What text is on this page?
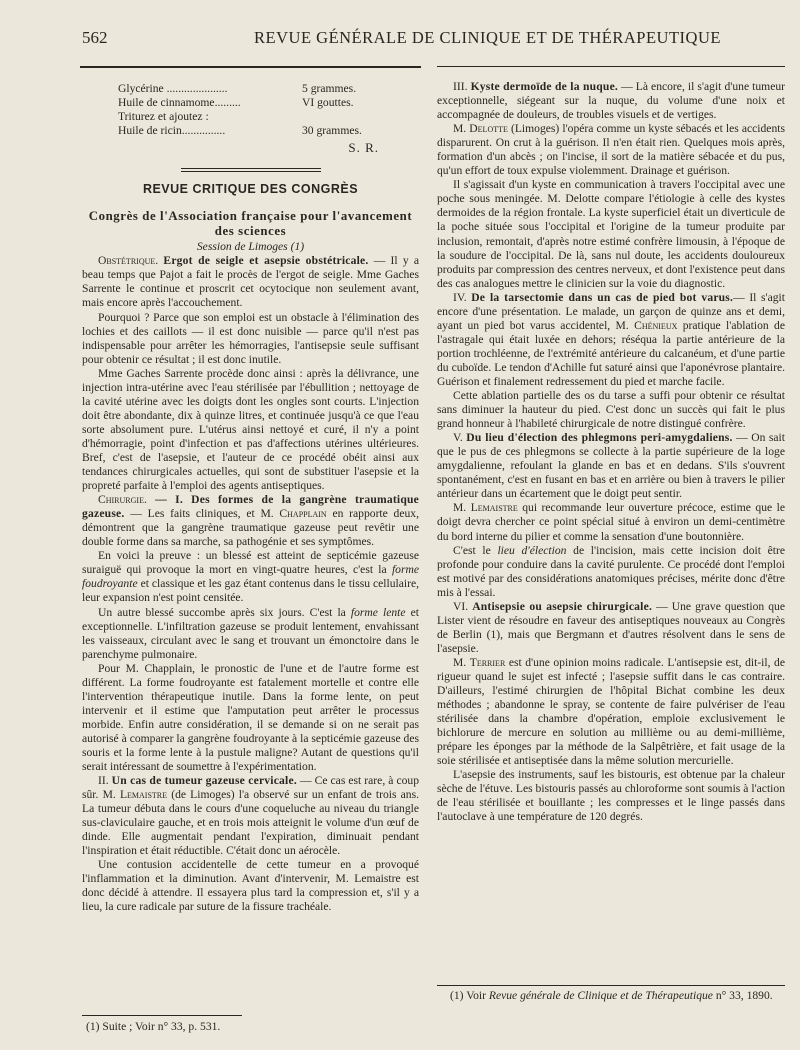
562	REVUE GÉNÉRALE DE CLINIQUE ET DE THÉRAPEUTIQUE
Glycérine .....................	5 grammes.
Huile de cinnamome.........	VI gouttes.
Triturez et ajoutez :
Huile de ricin...............	30 grammes.
S. R.
REVUE CRITIQUE DES CONGRÈS
Congrès de l'Association française pour l'avancement des sciences
Session de Limoges (1)

Obstétrique. Ergot de seigle et asepsie obstétricale. — Il y a beau temps que Pajot a fait le procès de l'ergot de seigle. Mme Gaches Sarrente le continue et proscrit cet ocytocique non seulement avant, mais encore après l'accouchement.

Pourquoi ? Parce que son emploi est un obstacle à l'élimination des lochies et des caillots — il est donc nuisible — parce qu'il n'est pas indispensable pour arrêter les hémorragies, l'antisepsie seule suffisant pour obtenir ce résultat ; il est donc inutile.

Mme Gaches Sarrente procède donc ainsi : après la délivrance, une injection intra-utérine avec l'eau stérilisée par l'ébullition ; nettoyage de la cavité utérine avec les doigts dont les ongles sont courts. L'injection doit être abondante, dix à quinze litres, et continuée jusqu'à ce que l'eau sorte absolument pure. L'utérus ainsi nettoyé et curé, il n'y a point d'hémorragie, point d'infection et pas d'affections utérines ultérieures. Bref, c'est de l'asepsie, et l'auteur de ce procédé obéit ainsi aux tendances chirurgicales actuelles, qui sont de substituer l'asepsie et la propreté parfaite à l'emploi des agents antiseptiques.

Chirurgie. — I. Des formes de la gangrène traumatique gazeuse. — Les faits cliniques, et M. Chapplain en rapporte deux, démontrent que la gangrène traumatique gazeuse peut revêtir une double forme dans sa marche, sa pathogénie et ses symptômes.

En voici la preuve : un blessé est atteint de septicémie gazeuse suraiguë qui provoque la mort en vingt-quatre heures, c'est la forme foudroyante et classique et les gaz étant contenus dans le tissu cellulaire, leur expansion n'est point censitée.

Un autre blessé succombe après six jours. C'est la forme lente et exceptionnelle. L'infiltration gazeuse se produit lentement, envahissant les vaisseaux, circulant avec le sang et trouvant un émonctoire dans le parenchyme pulmonaire.

Pour M. Chapplain, le pronostic de l'une et de l'autre forme est différent. La forme foudroyante est fatalement mortelle et contre elle l'intervention thérapeutique inutile. Dans la forme lente, on peut intervenir et il estime que l'amputation peut arrêter le processus morbide. Enfin autre considération, il se demande si on ne serait pas autorisé à comparer la gangrène foudroyante à la septicémie gazeuse des souris et la forme lente à la pustule maligne? Autant de questions qu'il serait intéressant de soumettre à l'expérimentation.

II. Un cas de tumeur gazeuse cervicale. — Ce cas est rare, à coup sûr. M. Lemaistre (de Limoges) l'a observé sur un enfant de trois ans. La tumeur débuta dans le cours d'une coqueluche au niveau du triangle sus-claviculaire gauche, et en trois mois atteignit le volume d'un œuf de dinde. Elle augmentait pendant l'expiration, diminuait pendant l'inspiration et était réductible. C'était donc un aérocèle.

Une contusion accidentelle de cette tumeur en a provoqué l'inflammation et la diminution. Avant d'intervenir, M. Lemaistre est donc décidé à attendre. Il essayera plus tard la compression et, s'il y a lieu, la cure radicale par suture de la fissure trachéale.

III. Kyste dermoïde de la nuque. — Là encore, il s'agit d'une tumeur exceptionnelle, siégeant sur la nuque, du volume d'une noix et accompagnée de douleurs, de troubles visuels et de vertiges.

M. Delotte (Limoges) l'opéra comme un kyste sébacés et les accidents disparurent. On crut à la guérison. Il n'en était rien. Quelques mois après, formation d'un abcès ; on l'incise, il sort de la matière sébacée et du pus, qu'un effort de toux expulse violemment. Drainage et guérison.

Il s'agissait d'un kyste en communication à travers l'occipital avec une poche sous meningée. M. Delotte compare l'étiologie à celle des kystes dermoides de la région frontale. La kyste superficiel était un diverticule de la poche située sous l'occipital et l'origine de la tumeur produite par inclusion, remontait, d'après notre estimé confrère limousin, à l'époque de la soudure de l'occipital. De là, sans nul doute, les accidents douloureux produits par compression des centres nerveux, et dont l'existence peut dans des cas analogues mettre le clinicien sur la voie du diagnostic.

IV. De la tarsectomie dans un cas de pied bot varus.— Il s'agit encore d'une présentation. Le malade, un garçon de quinze ans et demi, ayant un pied bot varus accidentel, M. Chénieux pratique l'ablation de l'astragale qui était luxée en dehors; réséqua la partie antérieure de la portion trochléenne, de l'extrémité antérieure du calcanéum, et d'une partie du cuboïde. Le tendon d'Achille fut saturé ainsi que l'aponévrose plantaire. Guérison et finalement redressement du pied et marche facile.

Cette ablation partielle des os du tarse a suffi pour obtenir ce résultat sans diminuer la hauteur du pied. C'est donc un succès qui fait le plus grand honneur à l'habileté chirurgicale de notre distingué confrère.

V. Du lieu d'élection des phlegmons peri-amygdaliens. — On sait que le pus de ces phlegmons se collecte à la partie supérieure de la loge amygdalienne, refoulant la glande en bas et en dedans. S'ils s'ouvrent spontanément, c'est en fusant en bas et en arrière ou bien à travers le pilier antérieur dans un écartement que le doigt peut sentir.

M. Lemaistre qui recommande leur ouverture précoce, estime que le doigt devra chercher ce point spécial situé à environ un demi-centimètre du bord interne du pilier et comme la sensation d'une boutonnière.

C'est le lieu d'élection de l'incision, mais cette incision doit être profonde pour conduire dans la cavité purulente. Ce procédé dont l'emploi est motivé par des considérations anatomiques précises, mérite donc d'être mis à l'essai.

VI. Antisepsie ou asepsie chirurgicale. — Une grave question que Lister vient de résoudre en faveur des antiseptiques nouveaux au Congrès de Berlin (1), mais que Bergmann et d'autres résolvent dans le sens de l'asepsie.

M. Terrier est d'une opinion moins radicale. L'antisepsie est, dit-il, de rigueur quand le sujet est infecté ; l'asepsie suffit dans le cas contraire. D'ailleurs, l'estimé chirurgien de l'hôpital Bichat combine les deux méthodes ; abandonne le spray, se contente de faire pulvériser de l'eau stérilisée dans la chambre d'opération, emploie exclusivement le bichlorure de mercure en solution au millième ou au demi-millième, prépare les éponges par la méthode de la Salpêtrière, et fait usage de la soie stérilisée et antiseptisée dans la même solution mercurielle.

L'asepsie des instruments, sauf les bistouris, est obtenue par la chaleur sèche de l'étuve. Les bistouris passés au chloroforme sont soumis à l'action de l'eau stérilisée et bouillante ; les compresses et le linge passés dans l'autoclave à une température de 120 degrés.

(1) Suite ; Voir n° 33, p. 531.
(1) Voir Revue générale de Clinique et de Thérapeutique n° 33, 1890.
